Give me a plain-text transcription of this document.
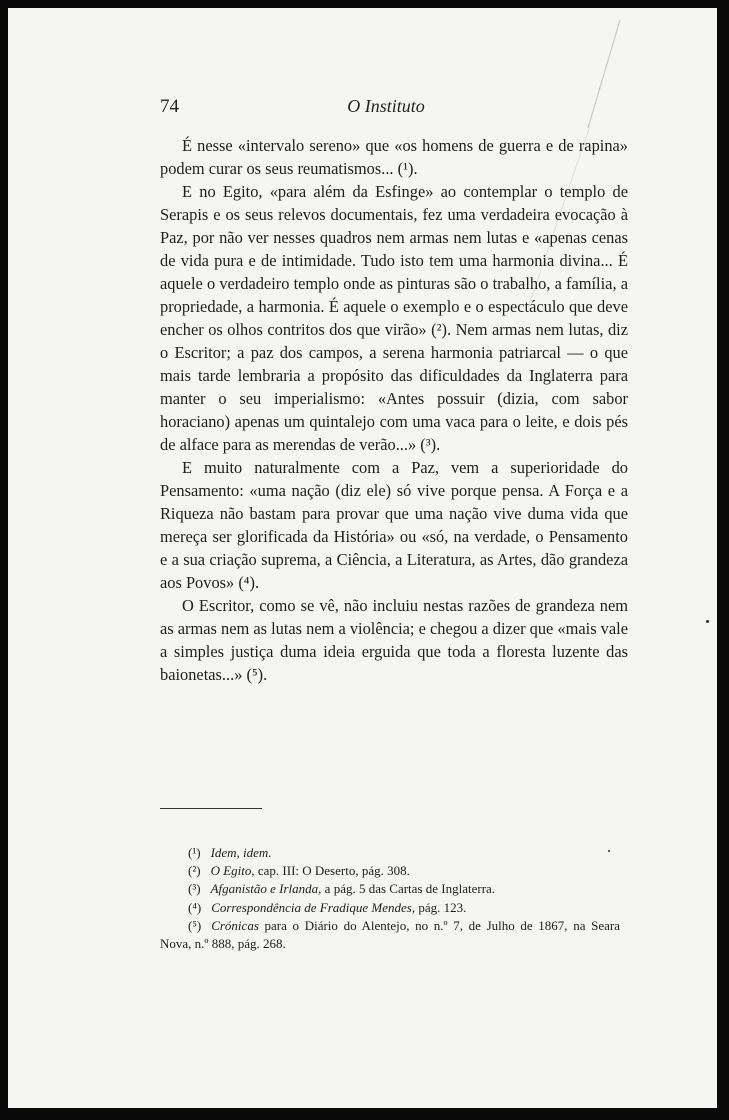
74	O Instituto

É nesse «intervalo sereno» que «os homens de guerra e de rapina» podem curar os seus reumatismos... (¹).

E no Egito, «para além da Esfinge» ao contemplar o templo de Serapis e os seus relevos documentais, fez uma verdadeira evocação à Paz, por não ver nesses quadros nem armas nem lutas e «apenas cenas de vida pura e de intimidade. Tudo isto tem uma harmonia divina... É aquele o verdadeiro templo onde as pinturas são o trabalho, a família, a propriedade, a harmonia. É aquele o exemplo e o espectáculo que deve encher os olhos contritos dos que virão» (²). Nem armas nem lutas, diz o Escritor; a paz dos campos, a serena harmonia patriarcal — o que mais tarde lembraria a propósito das dificuldades da Inglaterra para manter o seu imperialismo: «Antes possuir (dizia, com sabor horaciano) apenas um quintalejo com uma vaca para o leite, e dois pés de alface para as merendas de verão...» (³).

E muito naturalmente com a Paz, vem a superioridade do Pensamento: «uma nação (diz ele) só vive porque pensa. A Força e a Riqueza não bastam para provar que uma nação vive duma vida que mereça ser glorificada da História» ou «só, na verdade, o Pensamento e a sua criação suprema, a Ciência, a Literatura, as Artes, dão grandeza aos Povos» (⁴).

O Escritor, como se vê, não incluiu nestas razões de grandeza nem as armas nem as lutas nem a violência; e chegou a dizer que «mais vale a simples justiça duma ideia erguida que toda a floresta luzente das baionetas...» (⁵).

(¹) Idem, idem.

(²) O Egito, cap. III: O Deserto, pág. 308.

(³) Afganistão e Irlanda, a pág. 5 das Cartas de Inglaterra.

(⁴) Correspondência de Fradique Mendes, pág. 123.

(⁵) Crónicas para o Diário do Alentejo, no n.º 7, de Julho de 1867, na Seara Nova, n.º 888, pág. 268.
